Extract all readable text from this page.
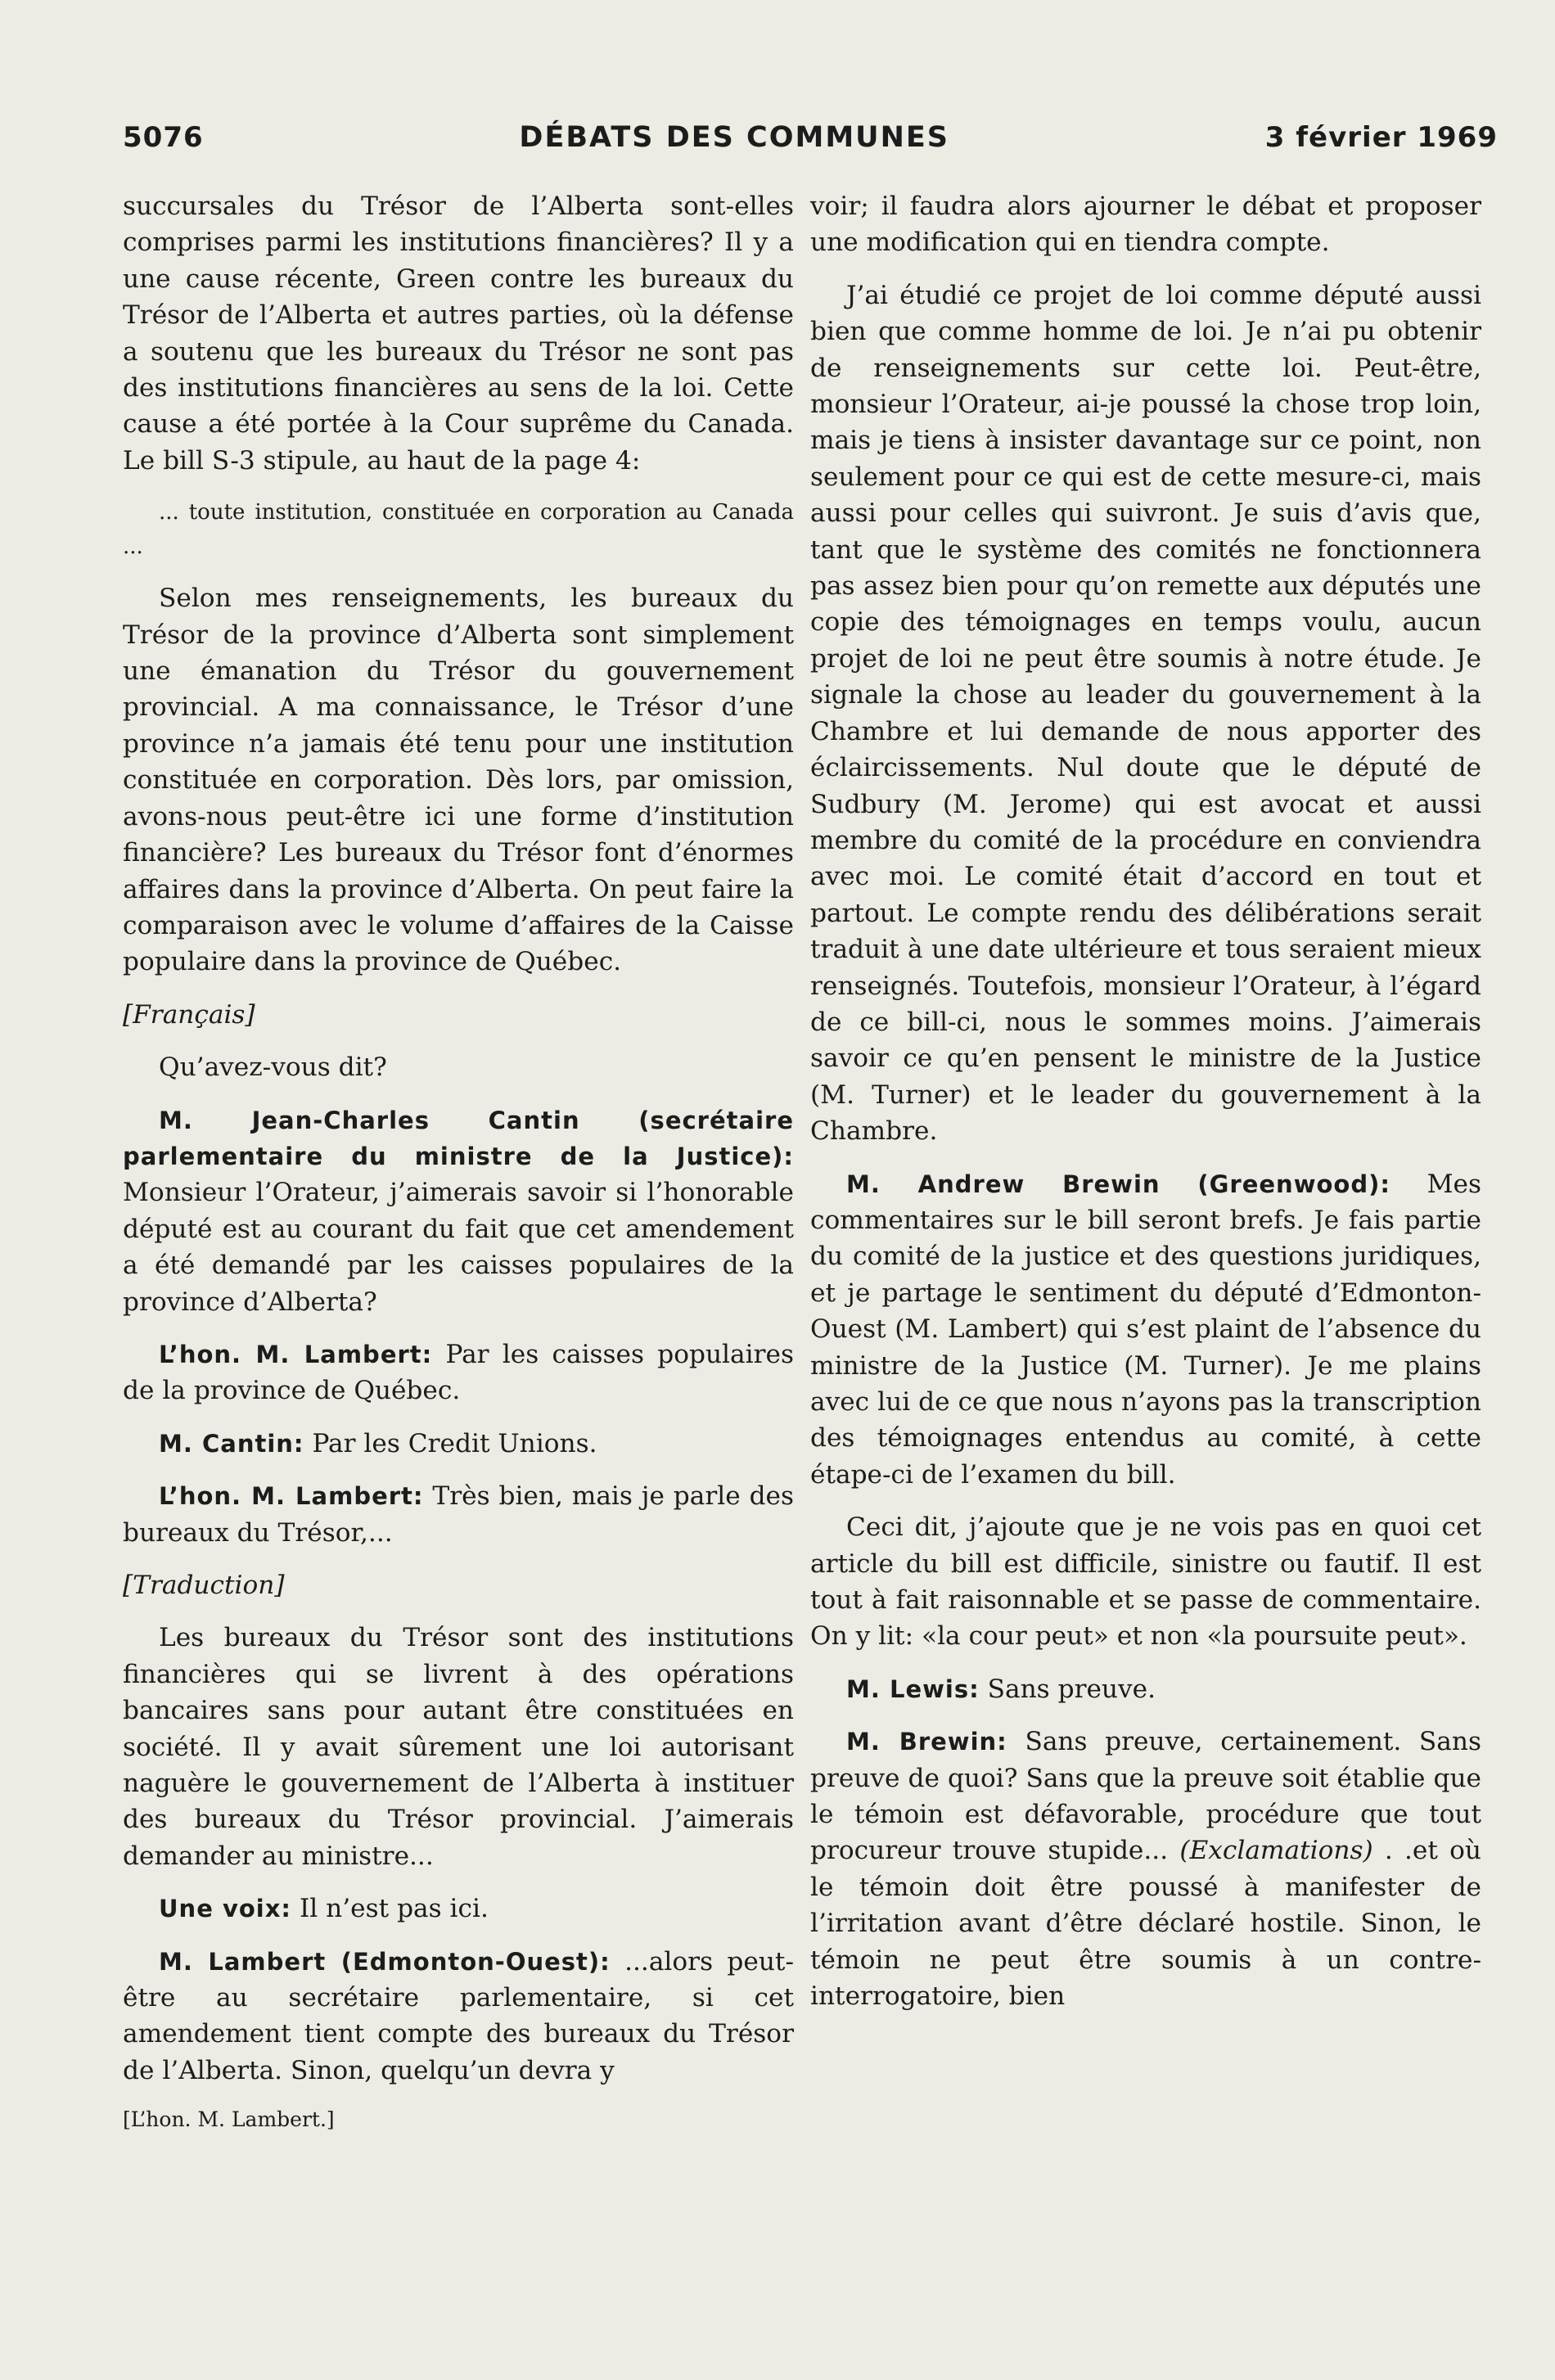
5076	DÉBATS DES COMMUNES	3 février 1969

succursales du Trésor de l’Alberta sont-elles comprises parmi les institutions financières? Il y a une cause récente, Green contre les bureaux du Trésor de l’Alberta et autres parties, où la défense a soutenu que les bureaux du Trésor ne sont pas des institutions financières au sens de la loi. Cette cause a été portée à la Cour suprême du Canada. Le bill S-3 stipule, au haut de la page 4:

... toute institution, constituée en corporation au Canada ...

Selon mes renseignements, les bureaux du Trésor de la province d’Alberta sont simplement une émanation du Trésor du gouvernement provincial. A ma connaissance, le Trésor d’une province n’a jamais été tenu pour une institution constituée en corporation. Dès lors, par omission, avons-nous peut-être ici une forme d’institution financière? Les bureaux du Trésor font d’énormes affaires dans la province d’Alberta. On peut faire la comparaison avec le volume d’affaires de la Caisse populaire dans la province de Québec.

[Français]

Qu’avez-vous dit?

M. Jean-Charles Cantin (secrétaire parlementaire du ministre de la Justice): Monsieur l’Orateur, j’aimerais savoir si l’honorable député est au courant du fait que cet amendement a été demandé par les caisses populaires de la province d’Alberta?

L’hon. M. Lambert: Par les caisses populaires de la province de Québec.

M. Cantin: Par les Credit Unions.

L’hon. M. Lambert: Très bien, mais je parle des bureaux du Trésor,...

[Traduction]

Les bureaux du Trésor sont des institutions financières qui se livrent à des opérations bancaires sans pour autant être constituées en société. Il y avait sûrement une loi autorisant naguère le gouvernement de l’Alberta à instituer des bureaux du Trésor provincial. J’aimerais demander au ministre...

Une voix: Il n’est pas ici.

M. Lambert (Edmonton-Ouest): ...alors peut-être au secrétaire parlementaire, si cet amendement tient compte des bureaux du Trésor de l’Alberta. Sinon, quelqu’un devra y

[L’hon. M. Lambert.]

voir; il faudra alors ajourner le débat et proposer une modification qui en tiendra compte.

J’ai étudié ce projet de loi comme député aussi bien que comme homme de loi. Je n’ai pu obtenir de renseignements sur cette loi. Peut-être, monsieur l’Orateur, ai-je poussé la chose trop loin, mais je tiens à insister davantage sur ce point, non seulement pour ce qui est de cette mesure-ci, mais aussi pour celles qui suivront. Je suis d’avis que, tant que le système des comités ne fonctionnera pas assez bien pour qu’on remette aux députés une copie des témoignages en temps voulu, aucun projet de loi ne peut être soumis à notre étude. Je signale la chose au leader du gouvernement à la Chambre et lui demande de nous apporter des éclaircissements. Nul doute que le député de Sudbury (M. Jerome) qui est avocat et aussi membre du comité de la procédure en conviendra avec moi. Le comité était d’accord en tout et partout. Le compte rendu des délibérations serait traduit à une date ultérieure et tous seraient mieux renseignés. Toutefois, monsieur l’Orateur, à l’égard de ce bill-ci, nous le sommes moins. J’aimerais savoir ce qu’en pensent le ministre de la Justice (M. Turner) et le leader du gouvernement à la Chambre.

M. Andrew Brewin (Greenwood): Mes commentaires sur le bill seront brefs. Je fais partie du comité de la justice et des questions juridiques, et je partage le sentiment du député d’Edmonton-Ouest (M. Lambert) qui s’est plaint de l’absence du ministre de la Justice (M. Turner). Je me plains avec lui de ce que nous n’ayons pas la transcription des témoignages entendus au comité, à cette étape-ci de l’examen du bill.

Ceci dit, j’ajoute que je ne vois pas en quoi cet article du bill est difficile, sinistre ou fautif. Il est tout à fait raisonnable et se passe de commentaire. On y lit: «la cour peut» et non «la poursuite peut».

M. Lewis: Sans preuve.

M. Brewin: Sans preuve, certainement. Sans preuve de quoi? Sans que la preuve soit établie que le témoin est défavorable, procédure que tout procureur trouve stupide... (Exclamations) . .et où le témoin doit être poussé à manifester de l’irritation avant d’être déclaré hostile. Sinon, le témoin ne peut être soumis à un contre-interrogatoire, bien
